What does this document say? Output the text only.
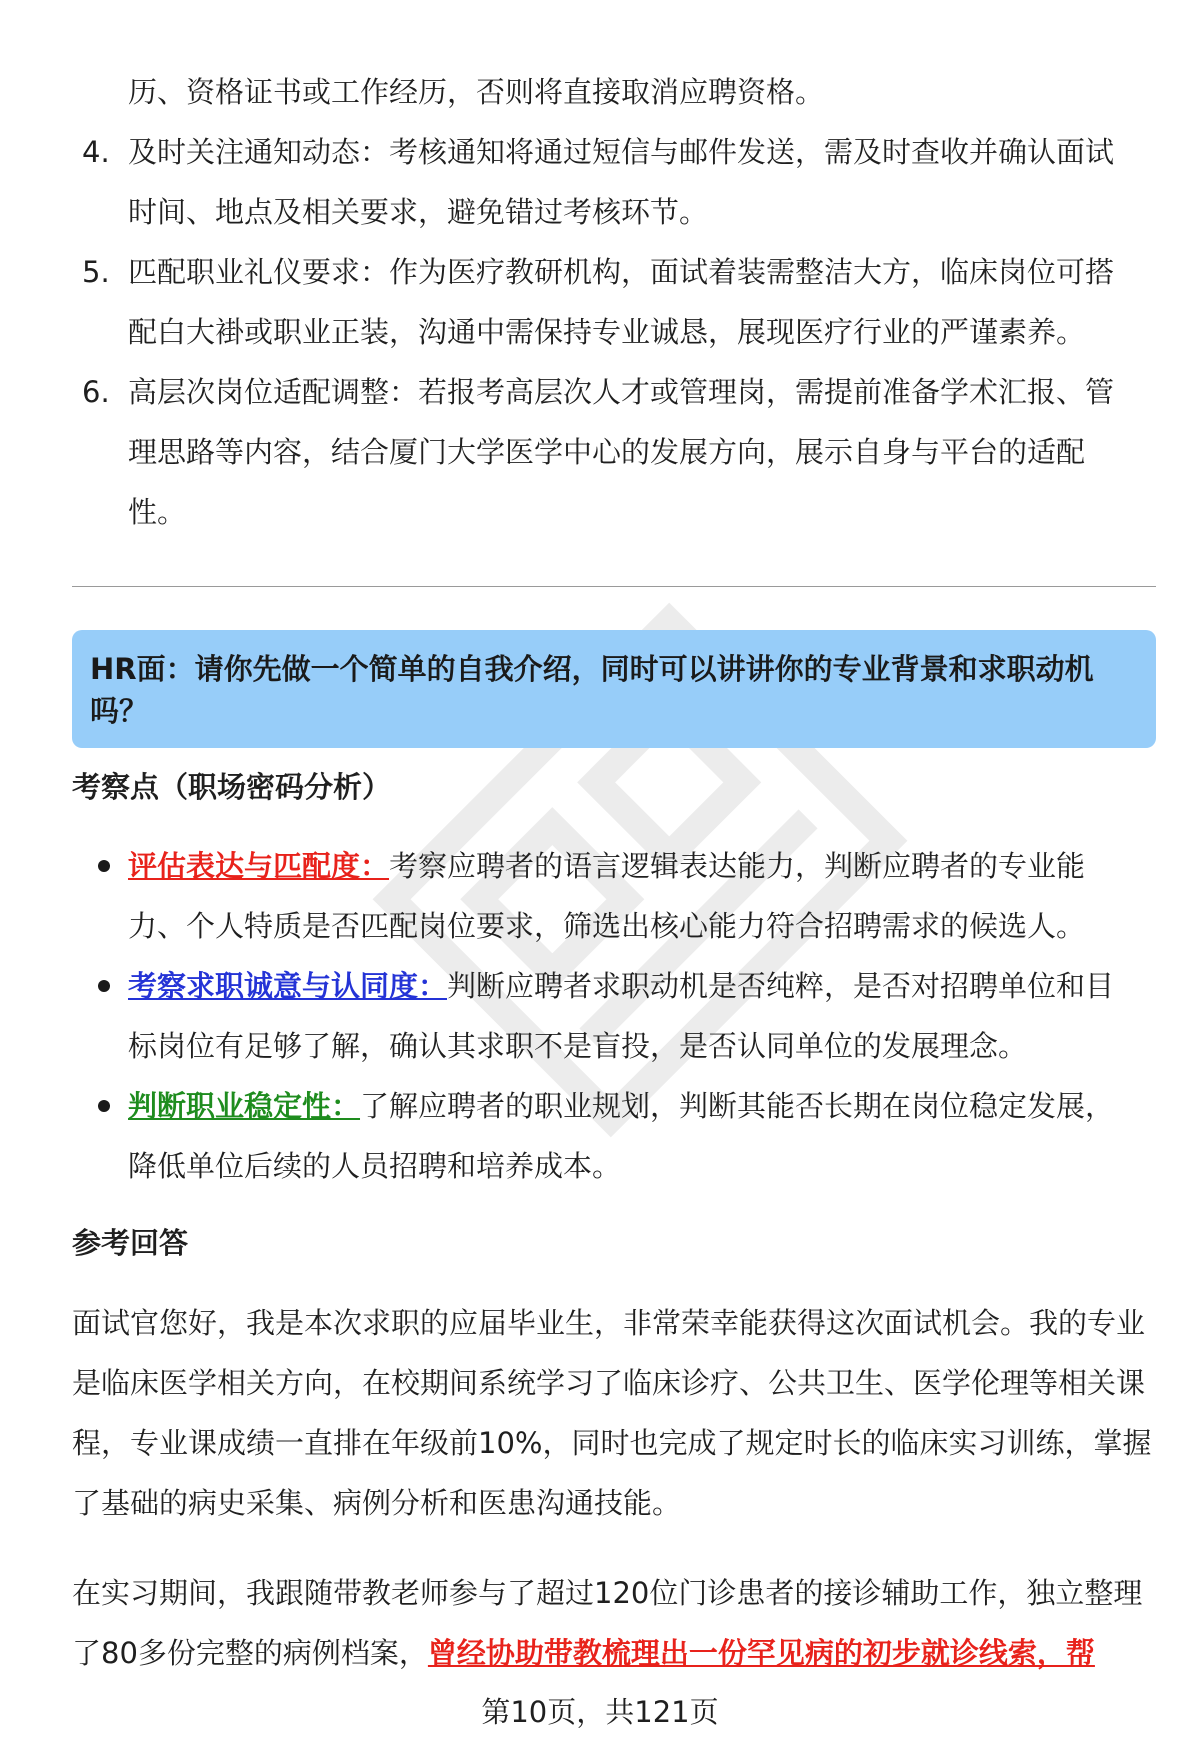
历、资格证书或工作经历，否则将直接取消应聘资格。
4. 及时关注通知动态：考核通知将通过短信与邮件发送，需及时查收并确认面试时间、地点及相关要求，避免错过考核环节。
5. 匹配职业礼仪要求：作为医疗教研机构，面试着装需整洁大方，临床岗位可搭配白大褂或职业正装，沟通中需保持专业诚恳，展现医疗行业的严谨素养。
6. 高层次岗位适配调整：若报考高层次人才或管理岗，需提前准备学术汇报、管理思路等内容，结合厦门大学医学中心的发展方向，展示自身与平台的适配性。
HR面：请你先做一个简单的自我介绍，同时可以讲讲你的专业背景和求职动机吗？
考察点（职场密码分析）
评估表达与匹配度：考察应聘者的语言逻辑表达能力，判断应聘者的专业能力、个人特质是否匹配岗位要求，筛选出核心能力符合招聘需求的候选人。
考察求职诚意与认同度：判断应聘者求职动机是否纯粹，是否对招聘单位和目标岗位有足够了解，确认其求职不是盲投，是否认同单位的发展理念。
判断职业稳定性：了解应聘者的职业规划，判断其能否长期在岗位稳定发展，降低单位后续的人员招聘和培养成本。
参考回答
面试官您好，我是本次求职的应届毕业生，非常荣幸能获得这次面试机会。我的专业是临床医学相关方向，在校期间系统学习了临床诊疗、公共卫生、医学伦理等相关课程，专业课成绩一直排在年级前10%，同时也完成了规定时长的临床实习训练，掌握了基础的病史采集、病例分析和医患沟通技能。
在实习期间，我跟随带教老师参与了超过120位门诊患者的接诊辅助工作，独立整理了80多份完整的病例档案，曾经协助带教梳理出一份罕见病的初步就诊线索，帮
第10页，共121页
